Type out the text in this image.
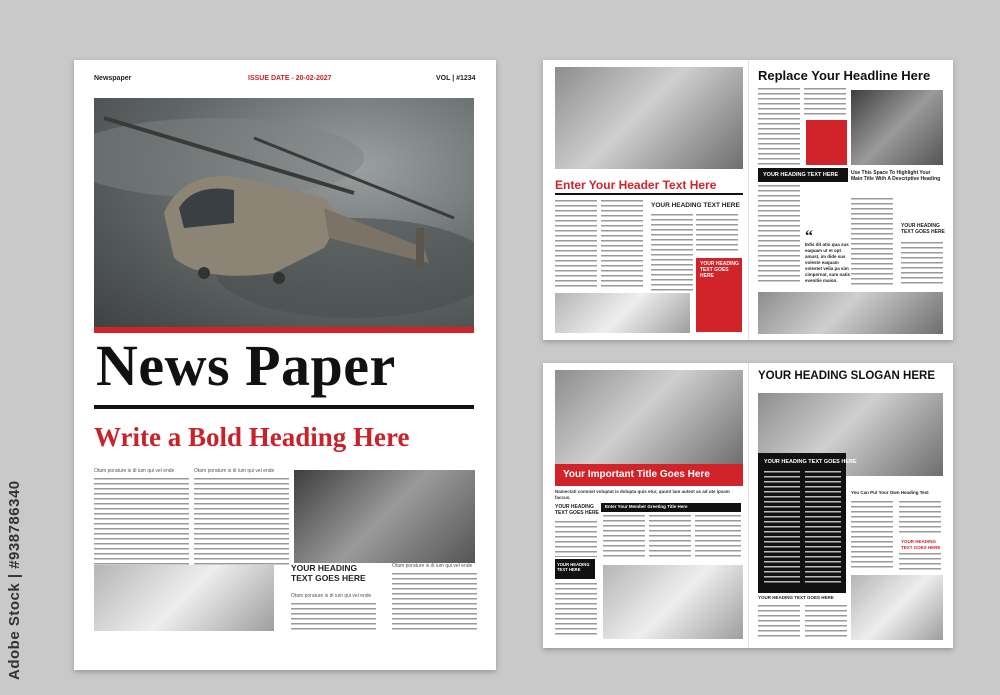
Adobe Stock | #938786340
Newspaper	ISSUE DATE - 20-02-2027	VOL | #1234
News Paper
Write a Bold Heading Here
Otam porature is di ium qui vel ende	Otam porature is di ium qui vel ende
YOUR HEADING TEXT GOES HERE
Otam porature is di ium qui vel ende
Otam porature is di ium qui vel ende
Enter Your Header Text Here
YOUR HEADING TEXT HERE
YOUR HEADING TEXT GOES HERE
Replace Your Headline Here
YOUR HEADING TEXT HERE	Use This Space To Highlight Your Main Title With A Descriptive Heading
“
Edis dit atio qua sus eaquam ut et opt amust, im dide sus voleste eaquam volestet velia pa sim cimpernat, sum natis evenitie maion.
YOUR HEADING TEXT GOES HERE
Your Important Title Goes Here
Namectati comnist voluptat is dolupta quis etur, quunt lam autest as ad ute ipsam faccus.
YOUR HEADING TEXT GOES HERE
YOUR HEADING TEXT HERE
Enter Your Member Greeting Title Here
YOUR HEADING SLOGAN HERE
YOUR HEADING TEXT GOES HERE
You Can Put Your Own Heading Text
YOUR HEADING TEXT GOES HERE
YOUR HEADING TEXT GOES HERE
